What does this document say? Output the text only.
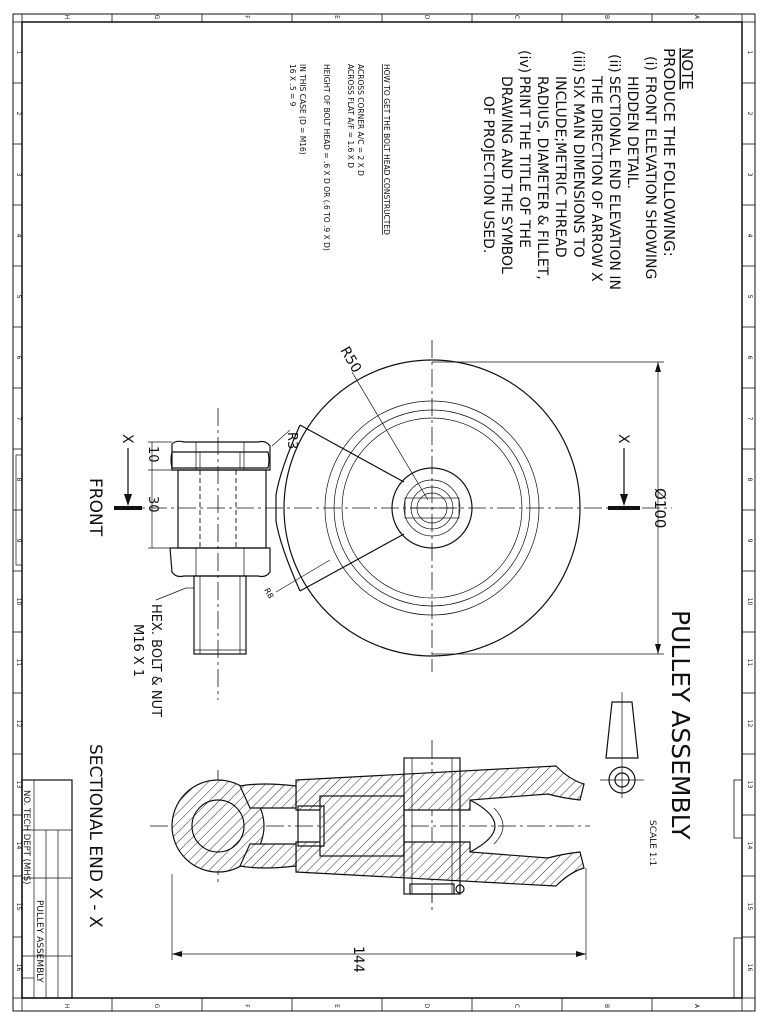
A
A
B
B
C
C
D
D
E
E
F
F
G
G
H
H
1	1
2	2
3	3
4	4
5	5
6	6
7	7
8	8
9	9
10	10
11	11
12	12
13	13
14	14
15	15
16	16
NOTE
PRODUCE THE FOLLOWING:
(i)
FRONT ELEVATION SHOWING
HIDDEN DETAIL.
(ii)
SECTIONAL END ELEVATION IN
THE DIRECTION OF ARROW X
(iii)
SIX MAIN DIMENSIONS TO
INCLUDE;METRIC THREAD
RADIUS, DIAMETER & FILLET,
(iv)
PRINT THE TITLE OF THE
DRAWING AND THE SYMBOL
OF PROJECTION USED.
HOW TO GET THE BOLT HEAD CONSTRUCTED
ACROSS CORNER A/C = 2 X D
ACROSS FLAT A/F = 1.6 X D
HEIGHT OF BOLT HEAD = .6 X D OR (.6 TO .9 X D)
IN THIS CASE (D = M16)
16 X .5 = 9
10
30
R3
R50
R8
Ø100
X	X
FRONT
HEX. BOLT & NUT
M16 X 1	PULLEY ASSEMBLY
SCALE 1:1
144
SECTIONAL END X - X
NO. TECH DEPT (MHS)
PULLEY ASSEMBLY
